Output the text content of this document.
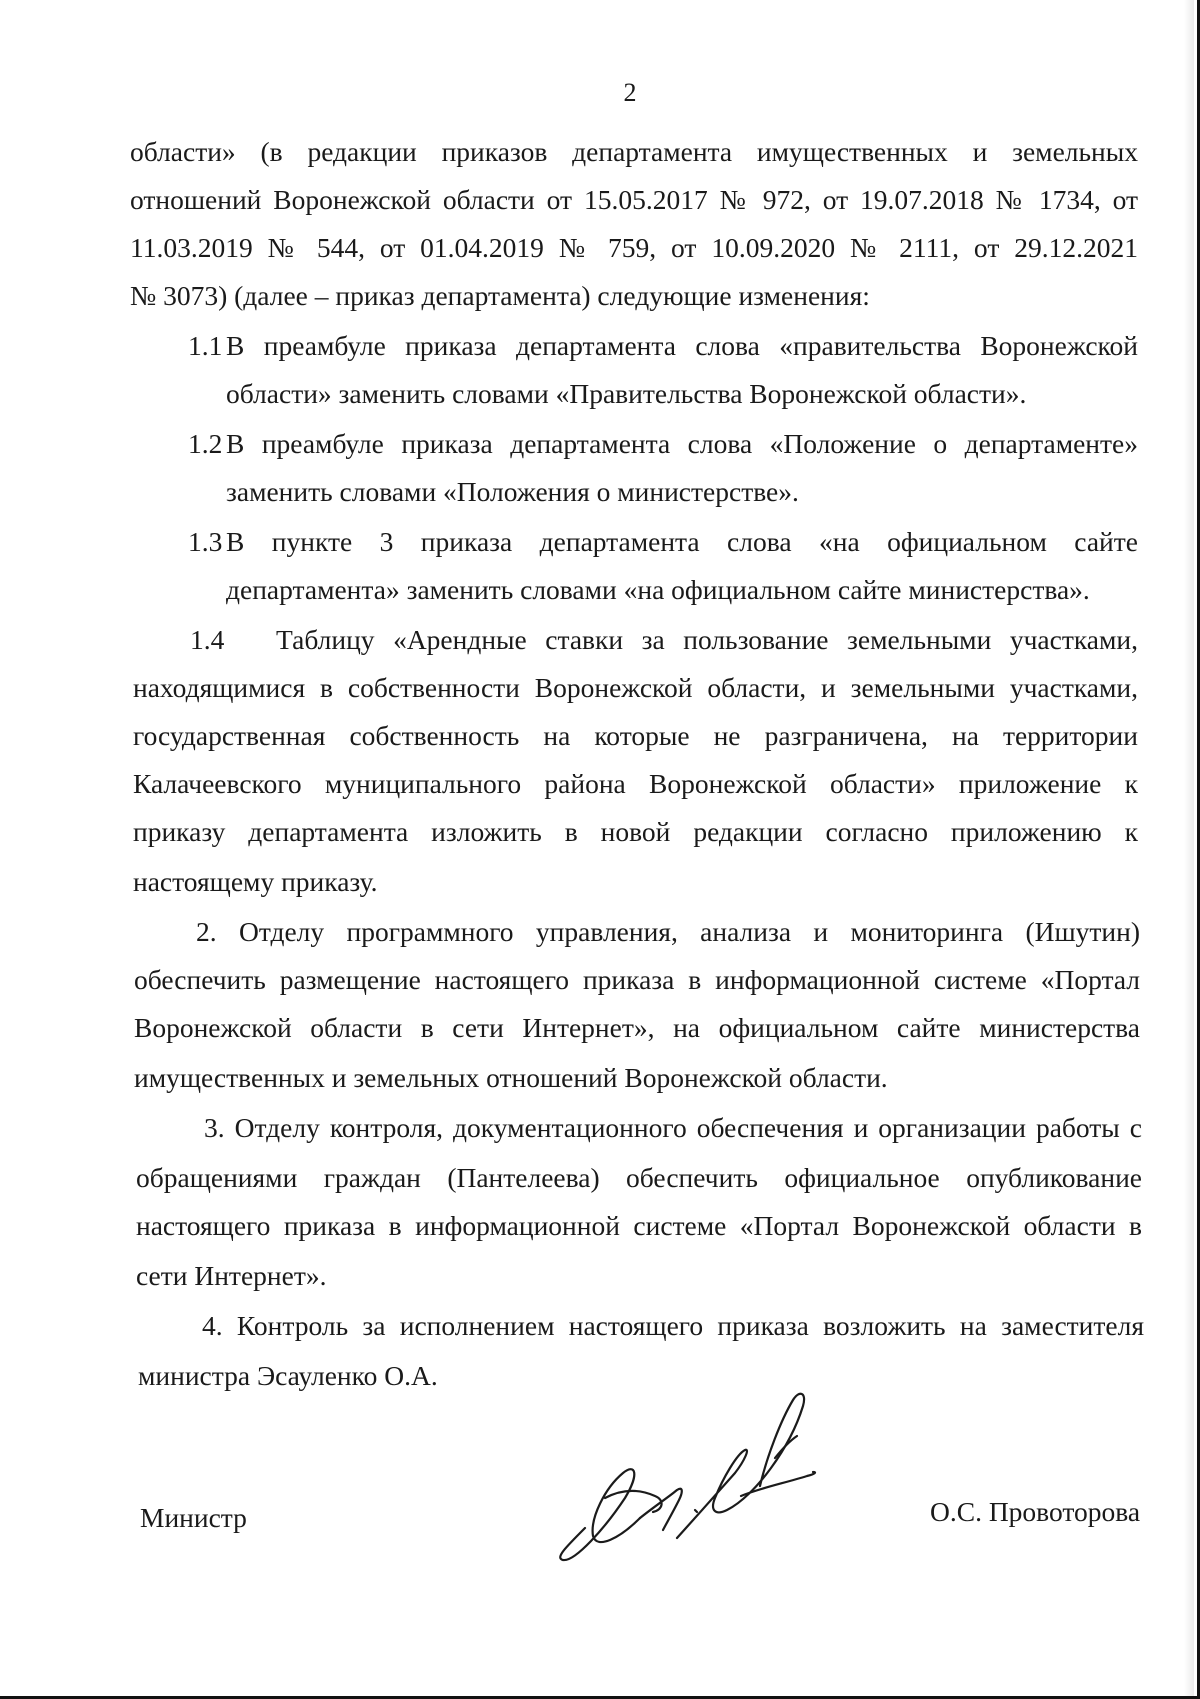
2
области» (в редакции приказов департамента имущественных и земельных
отношений Воронежской области от 15.05.2017 № 972, от 19.07.2018 № 1734, от
11.03.2019 № 544, от 01.04.2019 № 759, от 10.09.2020 № 2111, от 29.12.2021
№ 3073) (далее – приказ департамента) следующие изменения:
1.1 В преамбуле приказа департамента слова «правительства Воронежской
области» заменить словами «Правительства Воронежской области».
1.2 В преамбуле приказа департамента слова «Положение о департаменте»
заменить словами «Положения о министерстве».
1.3 В пункте 3 приказа департамента слова «на официальном сайте
департамента» заменить словами «на официальном сайте министерства».
1.4 Таблицу «Арендные ставки за пользование земельными участками,
находящимися в собственности Воронежской области, и земельными участками,
государственная собственность на которые не разграничена, на территории
Калачеевского муниципального района Воронежской области» приложение к
приказу департамента изложить в новой редакции согласно приложению к
настоящему приказу.
2. Отделу программного управления, анализа и мониторинга (Ишутин)
обеспечить размещение настоящего приказа в информационной системе «Портал
Воронежской области в сети Интернет», на официальном сайте министерства
имущественных и земельных отношений Воронежской области.
3. Отделу контроля, документационного обеспечения и организации работы с
обращениями граждан (Пантелеева) обеспечить официальное опубликование
настоящего приказа в информационной системе «Портал Воронежской области в
сети Интернет».
4. Контроль за исполнением настоящего приказа возложить на заместителя
министра Эсауленко О.А.
Министр	О.С. Провоторова
